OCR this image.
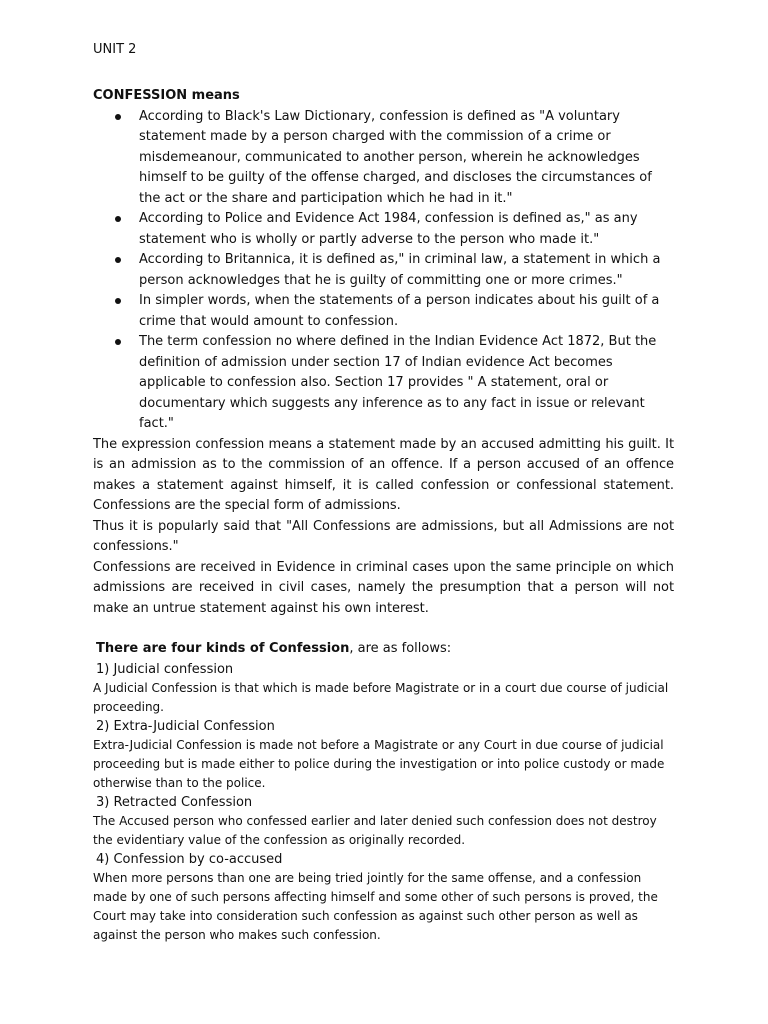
UNIT 2

CONFESSION means

According to Black's Law Dictionary, confession is defined as "A voluntary statement made by a person charged with the commission of a crime or misdemeanour, communicated to another person, wherein he acknowledges himself to be guilty of the offense charged, and discloses the circumstances of the act or the share and participation which he had in it."
According to Police and Evidence Act 1984, confession is defined as," as any statement who is wholly or partly adverse to the person who made it."
According to Britannica, it is defined as," in criminal law, a statement in which a person acknowledges that he is guilty of committing one or more crimes."
In simpler words, when the statements of a person indicates about his guilt of a crime that would amount to confession.
The term confession no where defined in the Indian Evidence Act 1872, But the definition of admission under section 17 of Indian evidence Act becomes applicable to confession also. Section 17 provides " A statement, oral or documentary which suggests any inference as to any fact in issue or relevant fact."

The expression confession means a statement made by an accused admitting his guilt. It is an admission as to the commission of an offence. If a person accused of an offence makes a statement against himself, it is called confession or confessional statement. Confessions are the special form of admissions.

Thus it is popularly said that "All Confessions are admissions, but all Admissions are not confessions."

Confessions are received in Evidence in criminal cases upon the same principle on which admissions are received in civil cases, namely the presumption that a person will not make an untrue statement against his own interest.

There are four kinds of Confession, are as follows:

1) Judicial confession

A Judicial Confession is that which is made before Magistrate or in a court due course of judicial proceeding.

2) Extra-Judicial Confession

Extra-Judicial Confession is made not before a Magistrate or any Court in due course of judicial proceeding but is made either to police during the investigation or into police custody or made otherwise than to the police.

3) Retracted Confession

The Accused person who confessed earlier and later denied such confession does not destroy the evidentiary value of the confession as originally recorded.

4) Confession by co-accused

When more persons than one are being tried jointly for the same offense, and a confession made by one of such persons affecting himself and some other of such persons is proved, the Court may take into consideration such confession as against such other person as well as against the person who makes such confession.
